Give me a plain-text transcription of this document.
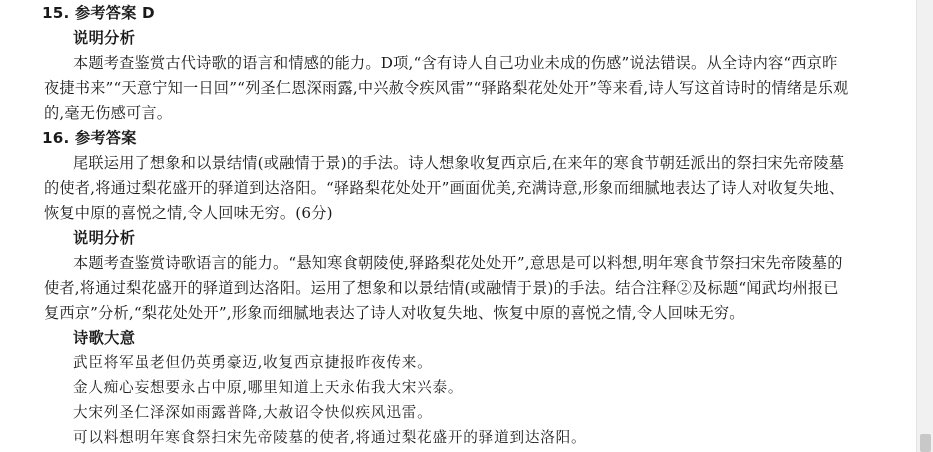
15. 参考答案 D
说明分析
本题考查鉴赏古代诗歌的语言和情感的能力。D项,“含有诗人自己功业未成的伤感”说法错误。从全诗内容“西京昨
夜捷书来”“天意宁知一日回”“列圣仁恩深雨露,中兴赦令疾风雷”“驿路梨花处处开”等来看,诗人写这首诗时的情绪是乐观
的,毫无伤感可言。
16. 参考答案
尾联运用了想象和以景结情(或融情于景)的手法。诗人想象收复西京后,在来年的寒食节朝廷派出的祭扫宋先帝陵墓
的使者,将通过梨花盛开的驿道到达洛阳。“驿路梨花处处开”画面优美,充满诗意,形象而细腻地表达了诗人对收复失地、
恢复中原的喜悦之情,令人回味无穷。(6分)
说明分析
本题考查鉴赏诗歌语言的能力。“悬知寒食朝陵使,驿路梨花处处开”,意思是可以料想,明年寒食节祭扫宋先帝陵墓的
使者,将通过梨花盛开的驿道到达洛阳。运用了想象和以景结情(或融情于景)的手法。结合注释②及标题“闻武均州报已
复西京”分析,“梨花处处开”,形象而细腻地表达了诗人对收复失地、恢复中原的喜悦之情,令人回味无穷。
诗歌大意
武臣将军虽老但仍英勇豪迈,收复西京捷报昨夜传来。
金人痴心妄想要永占中原,哪里知道上天永佑我大宋兴泰。
大宋列圣仁泽深如雨露普降,大赦诏令快似疾风迅雷。
可以料想明年寒食祭扫宋先帝陵墓的使者,将通过梨花盛开的驿道到达洛阳。
